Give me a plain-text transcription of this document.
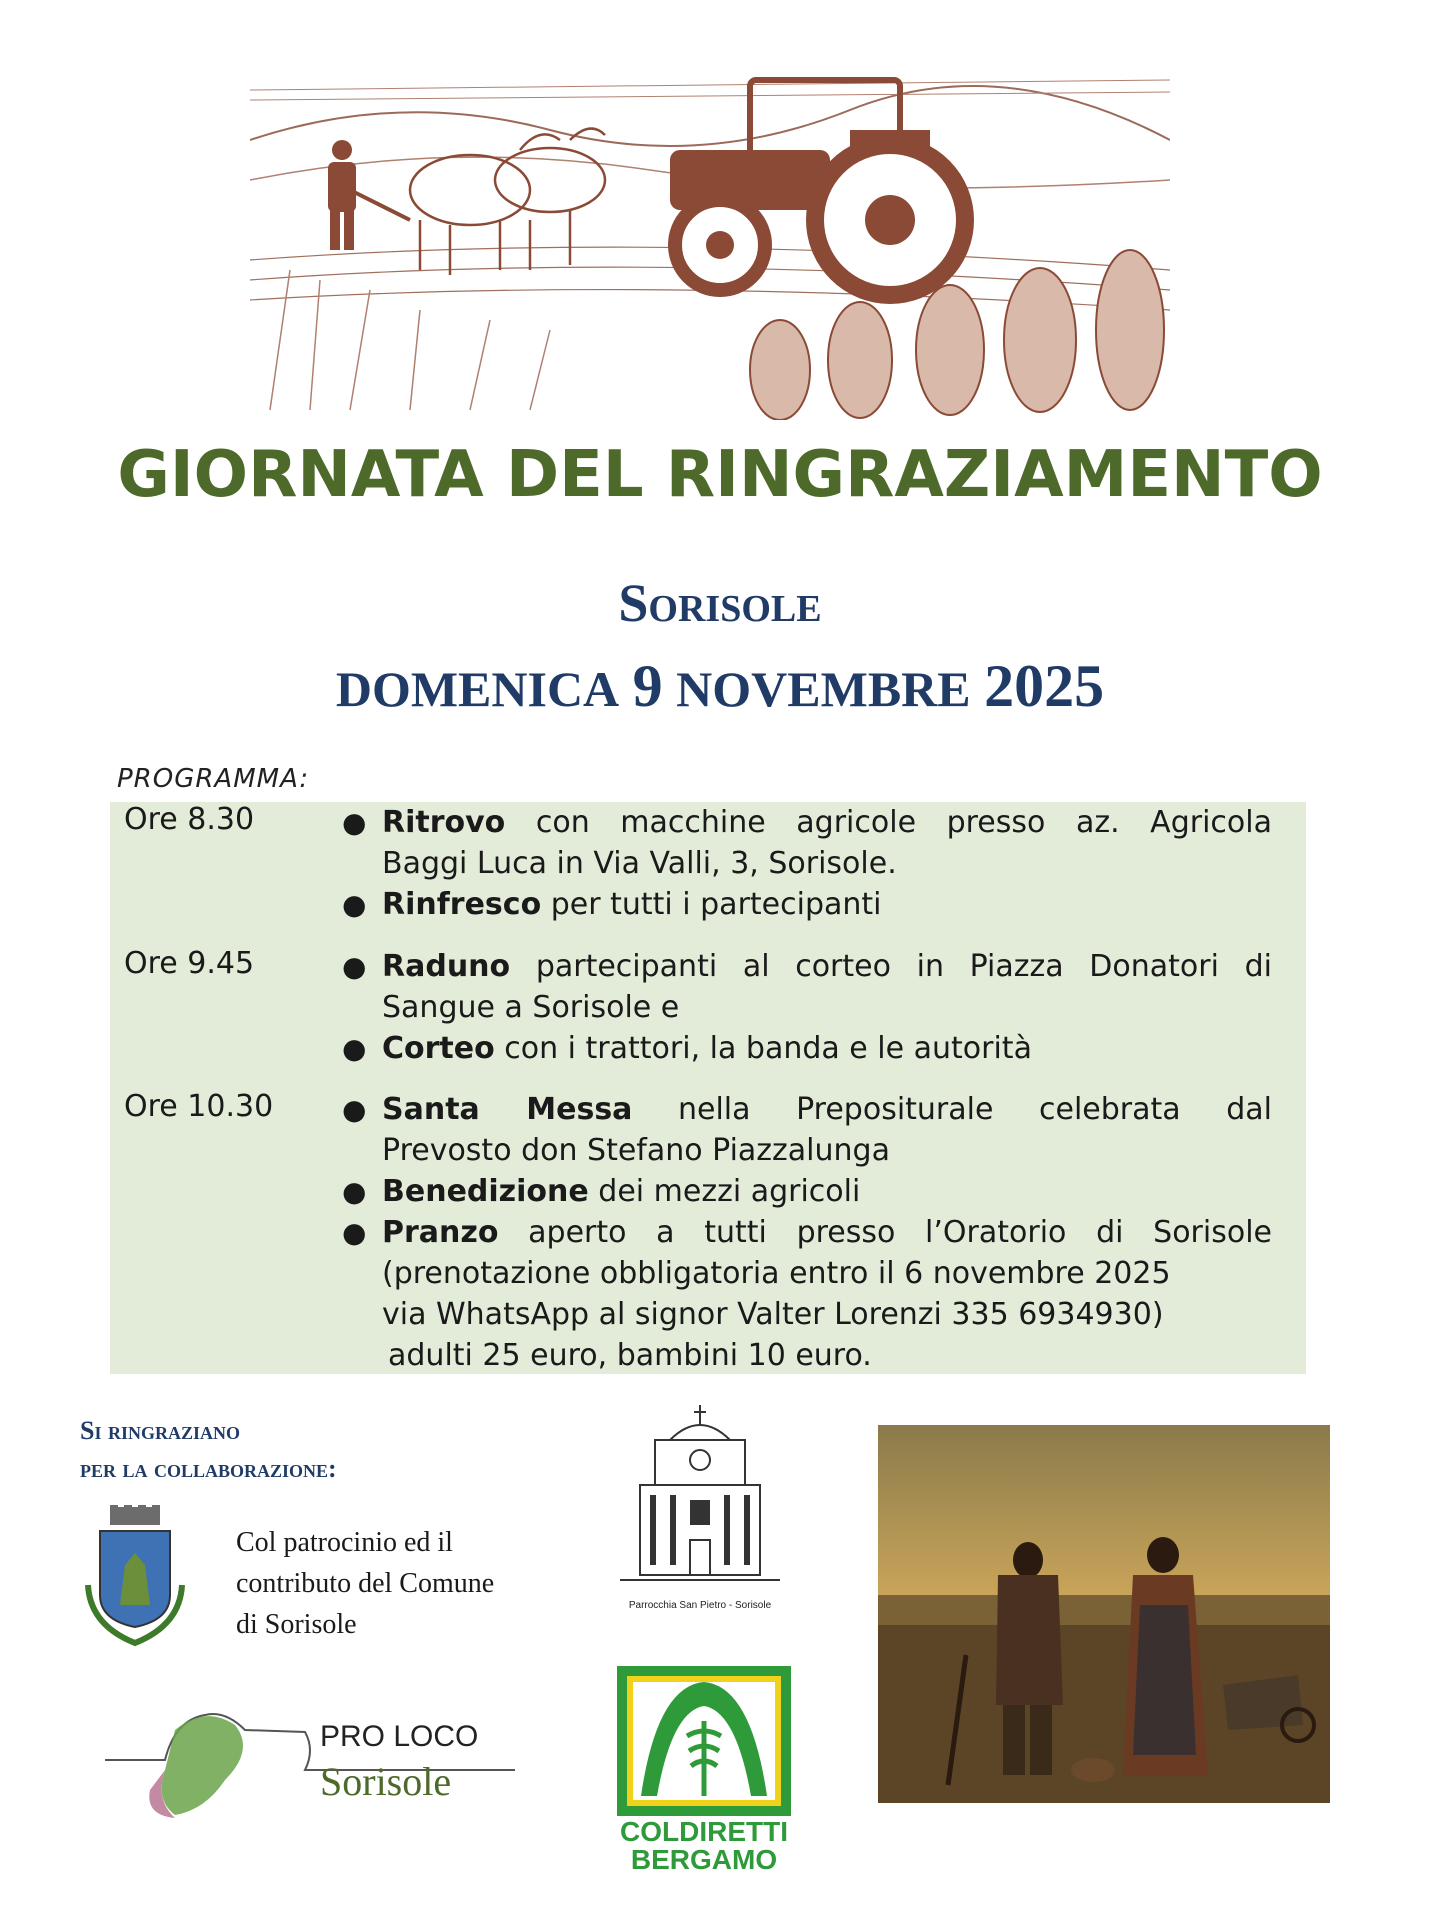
GIORNATA DEL RINGRAZIAMENTO
Sorisole
DOMENICA 9 NOVEMBRE 2025
PROGRAMMA:
Ore 8.30	● Ritrovo con macchine agricole presso az. Agricola
Baggi Luca in Via Valli, 3, Sorisole.
● Rinfresco per tutti i partecipanti
Ore 9.45	● Raduno partecipanti al corteo in Piazza Donatori di
Sangue a Sorisole e
● Corteo con i trattori, la banda e le autorità
Ore 10.30 ● Santa Messa nella Prepositurale celebrata dal
Prevosto don Stefano Piazzalunga
● Benedizione dei mezzi agricoli
● Pranzo aperto a tutti presso l’Oratorio di Sorisole
(prenotazione obbligatoria entro il 6 novembre 2025
via WhatsApp al signor Valter Lorenzi 335 6934930)
adulti 25 euro, bambini 10 euro.
Si ringraziano
per la collaborazione:
Col patrocinio ed il
contributo del Comune
di Sorisole
PRO LOCO
Sorisole
Parrocchia San Pietro - Sorisole
COLDIRETTI
BERGAMO
